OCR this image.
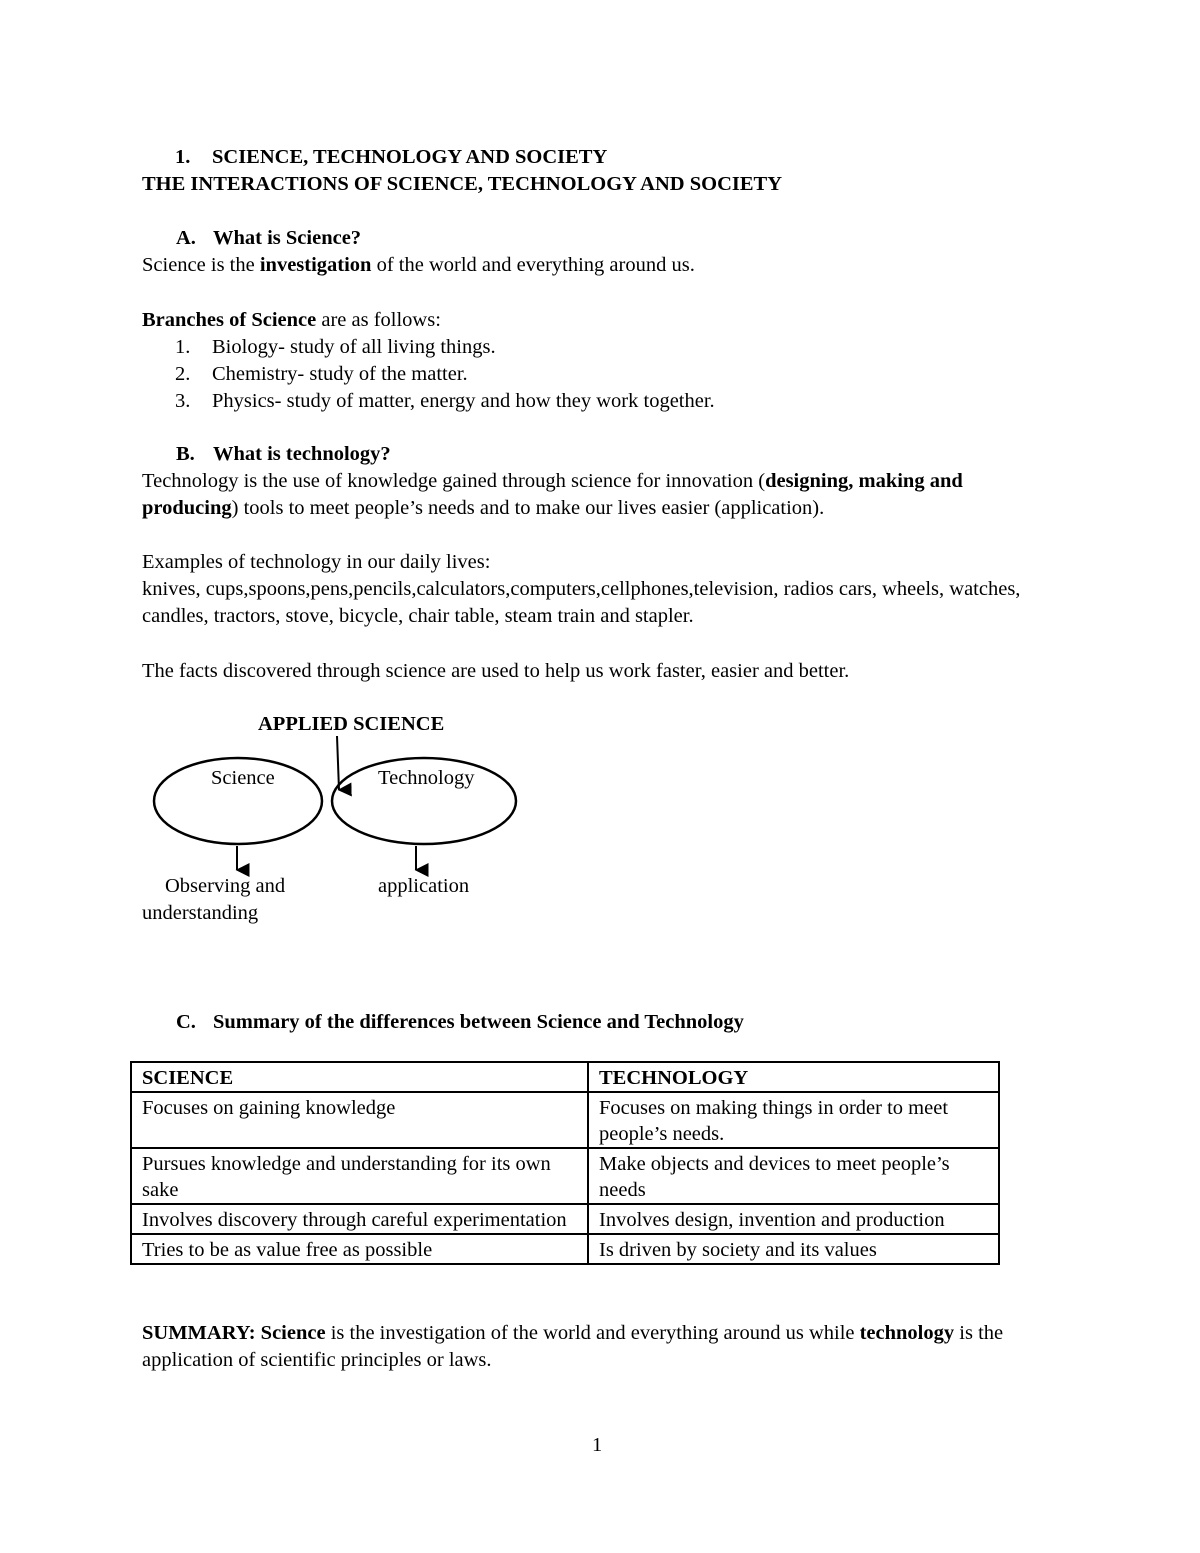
1. SCIENCE, TECHNOLOGY AND SOCIETY
THE INTERACTIONS OF SCIENCE, TECHNOLOGY AND SOCIETY
A. What is Science?
Science is the investigation of the world and everything around us.
Branches of Science are as follows:
1. Biology- study of all living things.
2. Chemistry- study of the matter.
3. Physics- study of matter, energy and how they work together.
B. What is technology?
Technology is the use of knowledge gained through science for innovation (designing, making and producing) tools to meet people’s needs and to make our lives easier (application).
Examples of technology in our daily lives:
knives, cups,spoons,pens,pencils,calculators,computers,cellphones,television, radios cars, wheels, watches, candles, tractors, stove, bicycle, chair table, steam train and stapler.
The facts discovered through science are used to help us work faster, easier and better.
APPLIED SCIENCE
Science	Technology
Observing and
understanding
application
C. Summary of the differences between Science and Technology
SCIENCE	TECHNOLOGY
Focuses on gaining knowledge	Focuses on making things in order to meet people’s needs.
Pursues knowledge and understanding for its own sake	Make objects and devices to meet people’s needs
Involves discovery through careful experimentation	Involves design, invention and production
Tries to be as value free as possible	Is driven by society and its values
SUMMARY: Science is the investigation of the world and everything around us while technology is the application of scientific principles or laws.
1
